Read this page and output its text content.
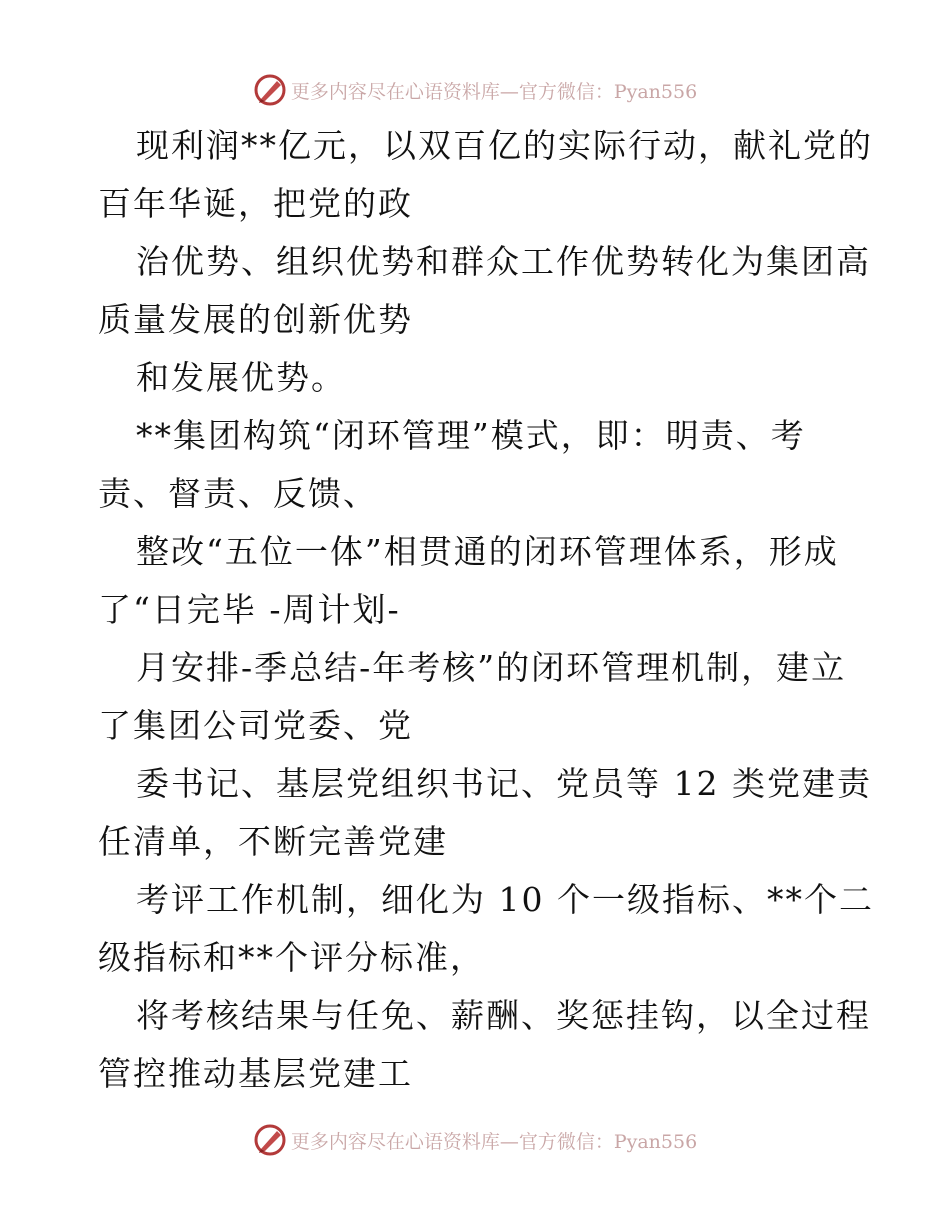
更多内容尽在心语资料库—官方微信：Pyan556
现利润**亿元，以双百亿的实际行动，献礼党的
百年华诞，把党的政
治优势、组织优势和群众工作优势转化为集团高
质量发展的创新优势
和发展优势。
**集团构筑“闭环管理”模式，即：明责、考
责、督责、反馈、
整改“五位一体”相贯通的闭环管理体系，形成
了“日完毕 -周计划-
月安排-季总结-年考核”的闭环管理机制，建立
了集团公司党委、党
委书记、基层党组织书记、党员等 12 类党建责
任清单，不断完善党建
考评工作机制，细化为 10 个一级指标、**个二
级指标和**个评分标准，
将考核结果与任免、薪酬、奖惩挂钩，以全过程
管控推动基层党建工
更多内容尽在心语资料库—官方微信：Pyan556
